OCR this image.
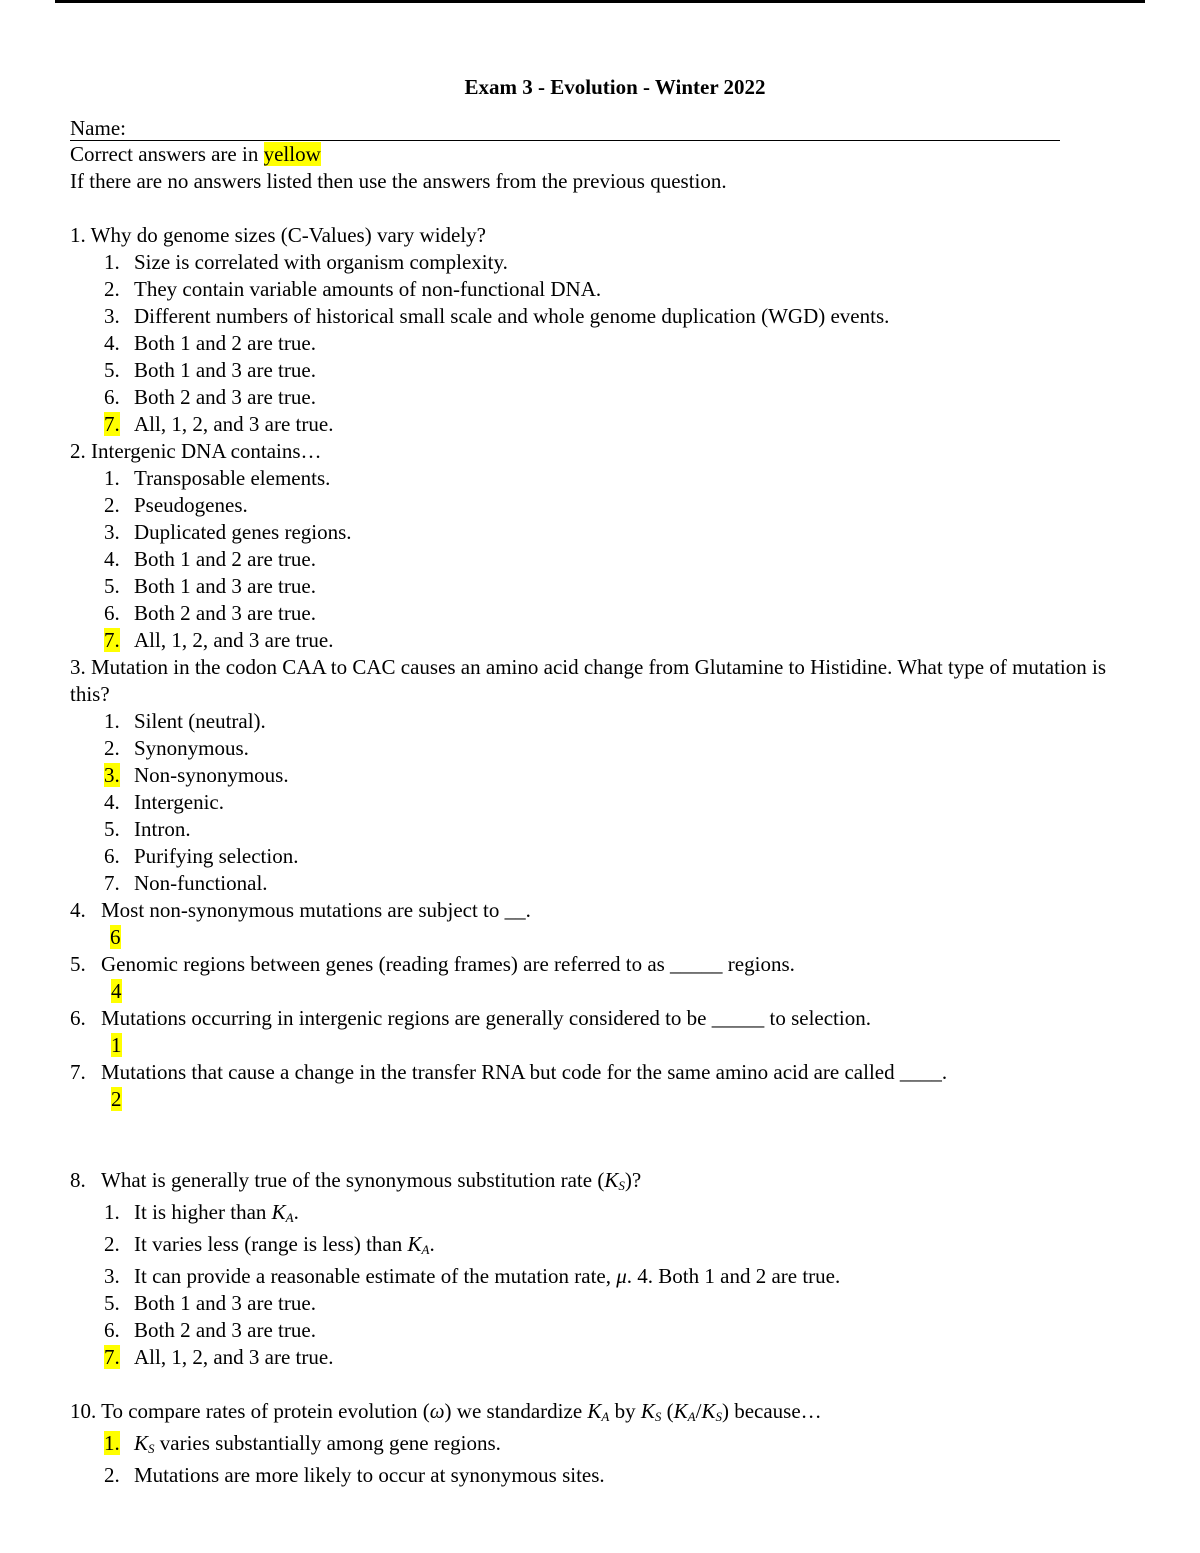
Exam 3 - Evolution - Winter 2022
Name:
Correct answers are in yellow
If there are no answers listed then use the answers from the previous question.
1. Why do genome sizes (C-Values) vary widely?
1. Size is correlated with organism complexity.
2. They contain variable amounts of non-functional DNA.
3. Different numbers of historical small scale and whole genome duplication (WGD) events.
4. Both 1 and 2 are true.
5. Both 1 and 3 are true.
6. Both 2 and 3 are true.
7. All, 1, 2, and 3 are true.
2. Intergenic DNA contains…
1. Transposable elements.
2. Pseudogenes.
3. Duplicated genes regions.
4. Both 1 and 2 are true.
5. Both 1 and 3 are true.
6. Both 2 and 3 are true.
7. All, 1, 2, and 3 are true.
3. Mutation in the codon CAA to CAC causes an amino acid change from Glutamine to Histidine. What type of mutation is this?
1. Silent (neutral).
2. Synonymous.
3. Non-synonymous.
4. Intergenic.
5. Intron.
6. Purifying selection.
7. Non-functional.
4. Most non-synonymous mutations are subject to __.
6
5. Genomic regions between genes (reading frames) are referred to as _____ regions.
4
6. Mutations occurring in intergenic regions are generally considered to be _____ to selection.
1
7. Mutations that cause a change in the transfer RNA but code for the same amino acid are called ____.
2
8. What is generally true of the synonymous substitution rate $(K_S)$?
1. It is higher than $K_A$.
2. It varies less (range is less) than $K_A$.
3. It can provide a reasonable estimate of the mutation rate, μ. 4. Both 1 and 2 are true.
5. Both 1 and 3 are true.
6. Both 2 and 3 are true.
7. All, 1, 2, and 3 are true.
10. To compare rates of protein evolution (ω) we standardize $K_A$ by $K_S$ $(K_A/K_S)$ because…
1. $K_S$ varies substantially among gene regions.
2. Mutations are more likely to occur at synonymous sites.
